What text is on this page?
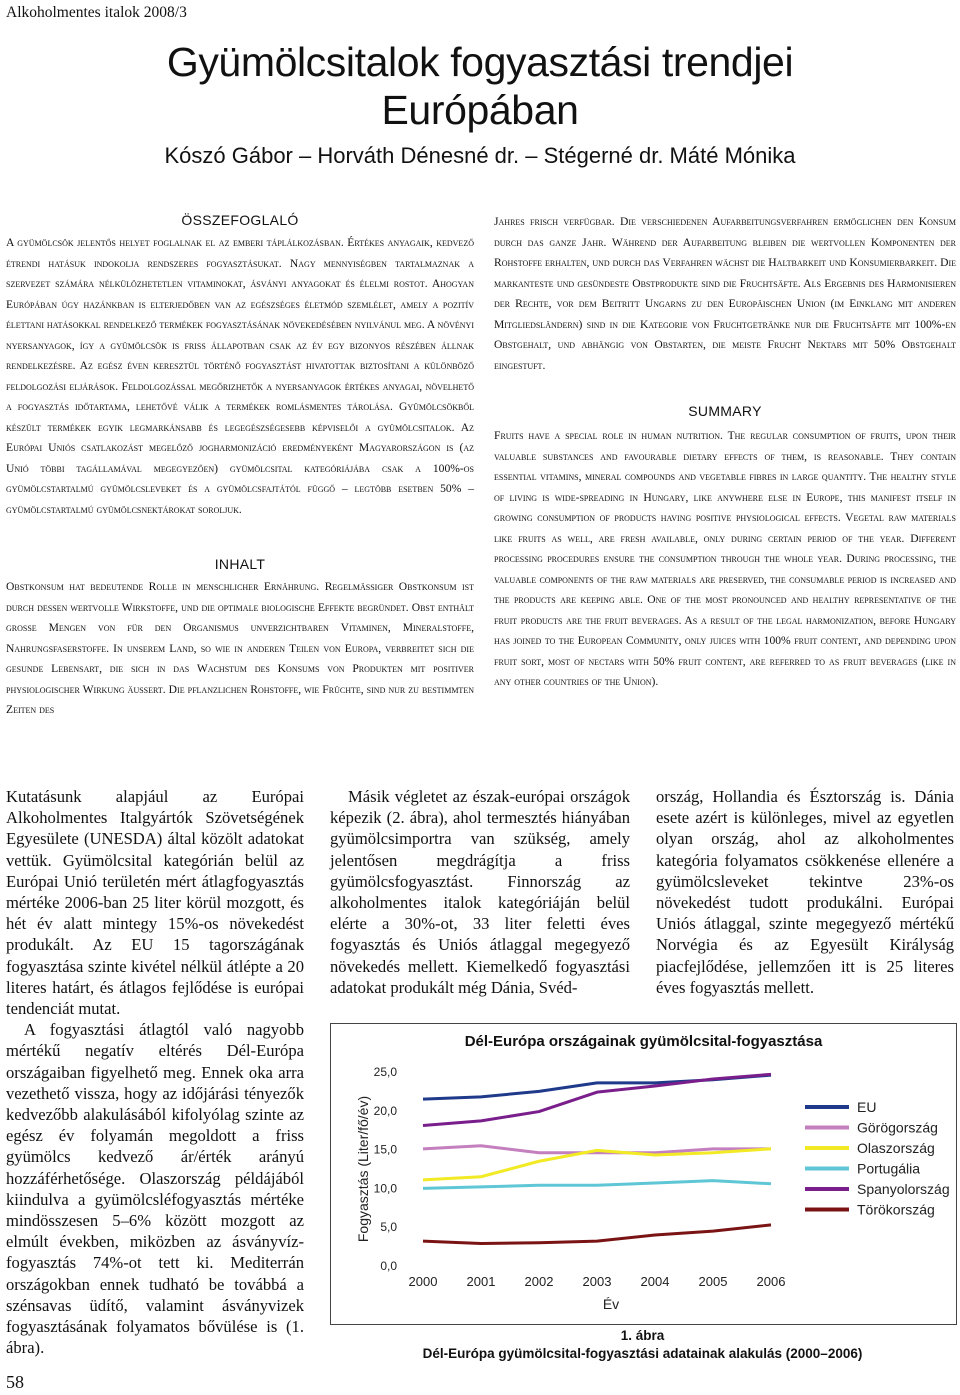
Alkoholmentes italok 2008/3
Gyümölcsitalok fogyasztási trendjei
Európában
Kószó Gábor – Horváth Dénesné dr. – Stégerné dr. Máté Mónika
ÖSSZEFOGLALÓ
A gyümölcsök jelentős helyet foglalnak el az emberi táplálkozásban. Értékes anyagaik, kedvező étrendi hatásuk indokolja rendszeres fogyasztásukat. Nagy mennyiségben tartalmaznak a szervezet számára nélkülözhetetlen vitaminokat, ásványi anyagokat és élelmi rostot. Ahogyan Európában úgy hazánkban is elterjedőben van az egészséges életmód szemlélet, amely a pozitív élettani hatásokkal rendelkező termékek fogyasztásának növekedésében nyilvánul meg. A növényi nyersanyagok, így a gyümölcsök is friss állapotban csak az év egy bizonyos részében állnak rendelkezésre. Az egész éven keresztül történő fogyasztást hivatottak biztosítani a különböző feldolgozási eljárások. Feldolgozással megőrizhetők a nyersanyagok értékes anyagai, növelhető a fogyasztás időtartama, lehetővé válik a termékek romlásmentes tárolása. Gyümölcsökből készült termékek egyik legmarkánsabb és legegészségesebb képviselői a gyümölcsitalok. Az Európai Uniós csatlakozást megelőző jogharmonizáció eredményeként Magyarországon is (az Unió többi tagállamával megegyezően) gyümölcsital kategóriájába csak a 100%-os gyümölcstartalmú gyümölcsleveket és a gyümölcsfajtától függő – legtöbb esetben 50% – gyümölcstartalmú gyümölcsnektárokat soroljuk.
INHALT
Obstkonsum hat bedeutende Rolle in menschlicher Ernährung. Regelmäßiger Obstkonsum ist durch dessen wertvolle Wirkstoffe, und die optimale biologische Effekte begründet. Obst enthält große Mengen von für den Organismus unverzichtbaren Vitaminen, Mineralstoffe, Nahrungsfaserstoffe. In unserem Land, so wie in anderen Teilen von Europa, verbreitet sich die gesunde Lebensart, die sich in das Wachstum des Konsums von Produkten mit positiver physiologischer Wirkung äußert. Die pflanzlichen Rohstoffe, wie Früchte, sind nur zu bestimmten Zeiten des
Jahres frisch verfügbar. Die verschiedenen Aufarbeitungsverfahren ermöglichen den Konsum durch das ganze Jahr. Während der Aufarbeitung bleiben die wertvollen Komponenten der Rohstoffe erhalten, und durch das Verfahren wächst die Haltbarkeit und Konsumierbarkeit. Die markanteste und gesündeste Obstprodukte sind die Fruchtsäfte. Als Ergebnis des Harmonisieren der Rechte, vor dem Beitritt Ungarns zu den Europäischen Union (im Einklang mit anderen Mitgliedsländern) sind in die Kategorie von Fruchtgetränke nur die Fruchtsäfte mit 100%-en Obstgehalt, und abhängig von Obstarten, die meiste Frucht Nektars mit 50% Obstgehalt eingestuft.
SUMMARY
Fruits have a special role in human nutrition. The regular consumption of fruits, upon their valuable substances and favourable dietary effects of them, is reasonable. They contain essential vitamins, mineral compounds and vegetable fibres in large quantity. The healthy style of living is wide-spreading in Hungary, like anywhere else in Europe, this manifest itself in growing consumption of products having positive physiological effects. Vegetal raw materials like fruits as well, are fresh available, only during certain period of the year. Different processing procedures ensure the consumption through the whole year. During processing, the valuable components of the raw materials are preserved, the consumable period is increased and the products are keeping able. One of the most pronounced and healthy representative of the fruit products are the fruit beverages. As a result of the legal harmonization, before Hungary has joined to the European Community, only juices with 100% fruit content, and depending upon fruit sort, most of nectars with 50% fruit content, are referred to as fruit beverages (like in any other countries of the Union).

Kutatásunk alapjául az Európai Alkoholmentes Italgyártók Szövetségének Egyesülete (UNESDA) által közölt adatokat vettük. Gyümölcsital kategórián belül az Európai Unió területén mért átlagfogyasztás mértéke 2006-ban 25 liter körül mozgott, és hét év alatt mintegy 15%-os növekedést produkált. Az EU 15 tagországának fogyasztása szinte kivétel nélkül átlépte a 20 literes határt, és átlagos fejlődése is európai tendenciát mutat.

A fogyasztási átlagtól való nagyobb mértékű negatív eltérés Dél-Európa országaiban figyelhető meg. Ennek oka arra vezethető vissza, hogy az időjárási tényezők kedvezőbb alakulásából kifolyólag szinte az egész év folyamán megoldott a friss gyümölcs kedvező ár/érték arányú hozzáférhetősége. Olaszország példájából kiindulva a gyümölcsléfogyasztás mértéke mindösszesen 5–6% között mozgott az elmúlt években, miközben az ásványvíz-fogyasztás 74%-ot tett ki. Mediterrán országokban ennek tudható be továbbá a szénsavas üdítő, valamint ásványvizek fogyasztásának folyamatos bővülése is (1. ábra).

Másik végletet az észak-európai országok képezik (2. ábra), ahol termesztés hiányában gyümölcsimportra van szükség, amely jelentősen megdrágítja a friss gyümölcsfogyasztást. Finnország az alkoholmentes italok kategóriáján belül elérte a 30%-ot, 33 liter feletti éves fogyasztás és Uniós átlaggal megegyező növekedés mellett. Kiemelkedő fogyasztási adatokat produkált még Dánia, Svéd-

ország, Hollandia és Észtország is. Dánia esete azért is különleges, mivel az egyetlen olyan ország, ahol az alkoholmentes kategória folyamatos csökkenése ellenére a gyümölcsleveket tekintve 23%-os növekedést tudott produkálni. Európai Uniós átlaggal, szinte megegyező mértékű Norvégia és az Egyesült Királyság piacfejlődése, jellemzően itt is 25 literes éves fogyasztás mellett.

Dél-Európa országainak gyümölcsital-fogyasztása
0,0
5,0
10,0
15,0
20,0
25,0
2000 2001 2002 2003 2004 2005 2006
Év
Fogyasztás (Liter/fő/év)	EU
Görögország
Olaszország
Portugália
Spanyolország
Törökország
1. ábra
Dél-Európa gyümölcsital-fogyasztási adatainak alakulás (2000–2006)
58
